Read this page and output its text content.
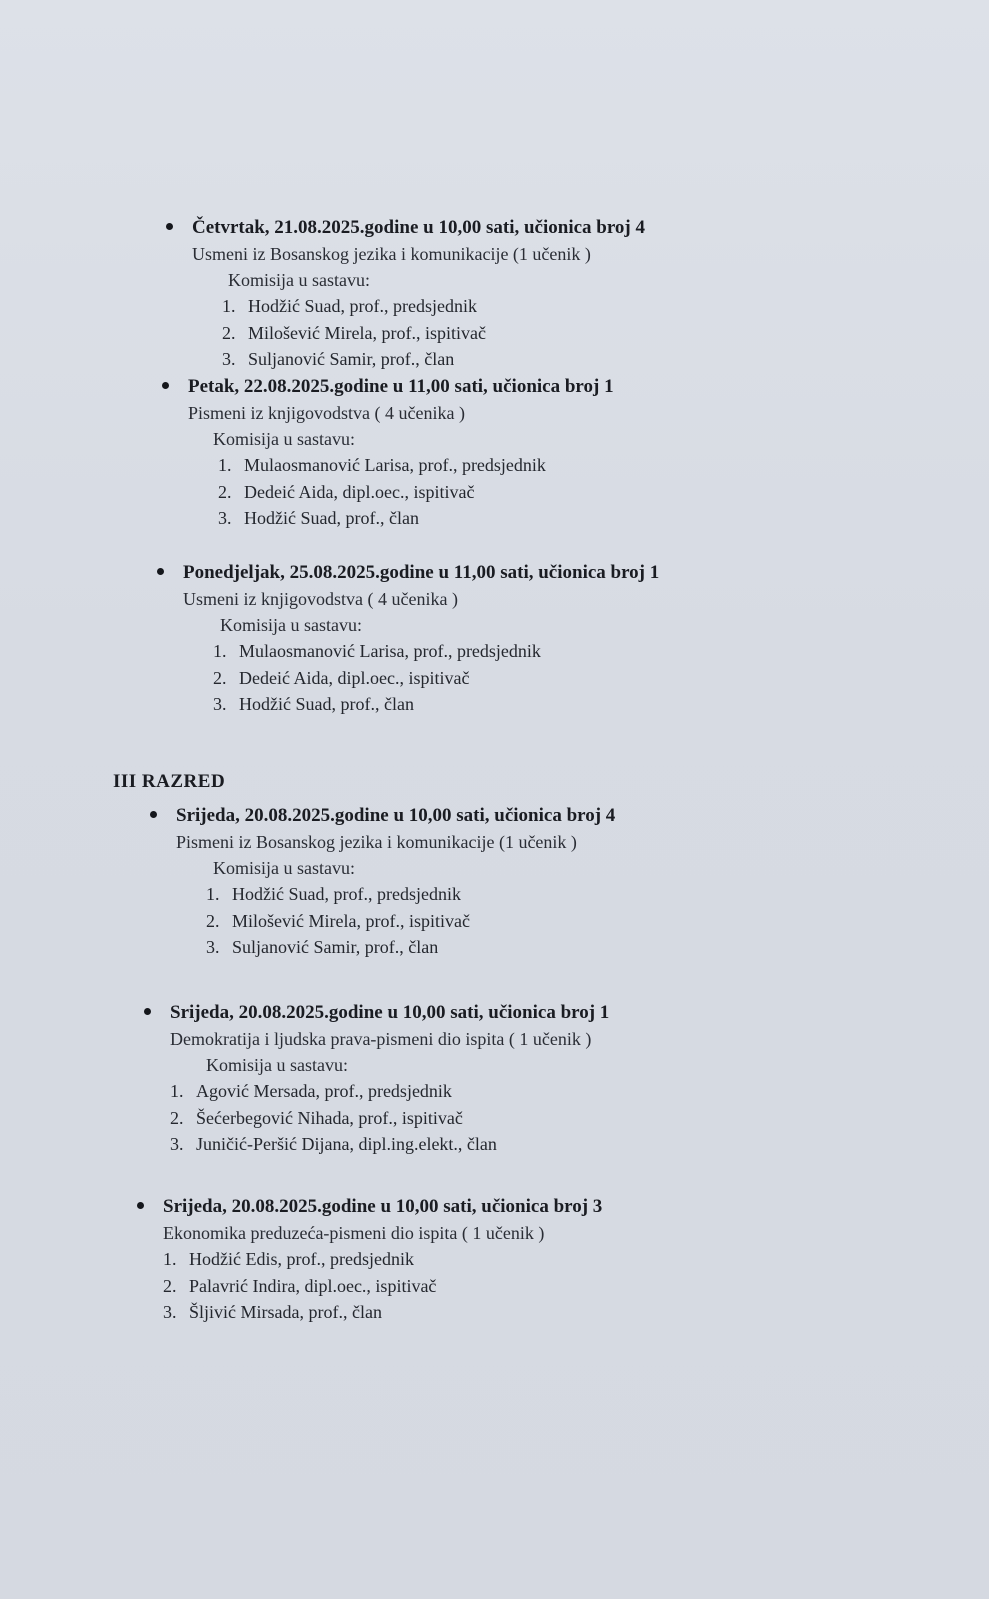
Četvrtak, 21.08.2025.godine u 10,00 sati, učionica broj 4
Usmeni iz Bosanskog jezika i komunikacije (1 učenik )
Komisija u sastavu:
1. Hodžić Suad, prof., predsjednik
2. Milošević Mirela, prof., ispitivač
3. Suljanović Samir, prof., član
Petak, 22.08.2025.godine u 11,00 sati, učionica broj 1
Pismeni iz knjigovodstva ( 4 učenika )
Komisija u sastavu:
1. Mulaosmanović Larisa, prof., predsjednik
2. Dedeić Aida, dipl.oec., ispitivač
3. Hodžić Suad, prof., član
Ponedjeljak, 25.08.2025.godine u 11,00 sati, učionica broj 1
Usmeni iz knjigovodstva ( 4 učenika )
Komisija u sastavu:
1. Mulaosmanović Larisa, prof., predsjednik
2. Dedeić Aida, dipl.oec., ispitivač
3. Hodžić Suad, prof., član
III RAZRED
Srijeda, 20.08.2025.godine u 10,00 sati, učionica broj 4
Pismeni iz Bosanskog jezika i komunikacije (1 učenik )
Komisija u sastavu:
1. Hodžić Suad, prof., predsjednik
2. Milošević Mirela, prof., ispitivač
3. Suljanović Samir, prof., član
Srijeda, 20.08.2025.godine u 10,00 sati, učionica broj 1
Demokratija i ljudska prava-pismeni dio ispita ( 1 učenik )
Komisija u sastavu:
1. Agović Mersada, prof., predsjednik
2. Šećerbegović Nihada, prof., ispitivač
3. Juničić-Peršić Dijana, dipl.ing.elekt., član
Srijeda, 20.08.2025.godine u 10,00 sati, učionica broj 3
Ekonomika preduzeća-pismeni dio ispita ( 1 učenik )
1. Hodžić Edis, prof., predsjednik
2. Palavrić Indira, dipl.oec., ispitivač
3. Šljivić Mirsada, prof., član
